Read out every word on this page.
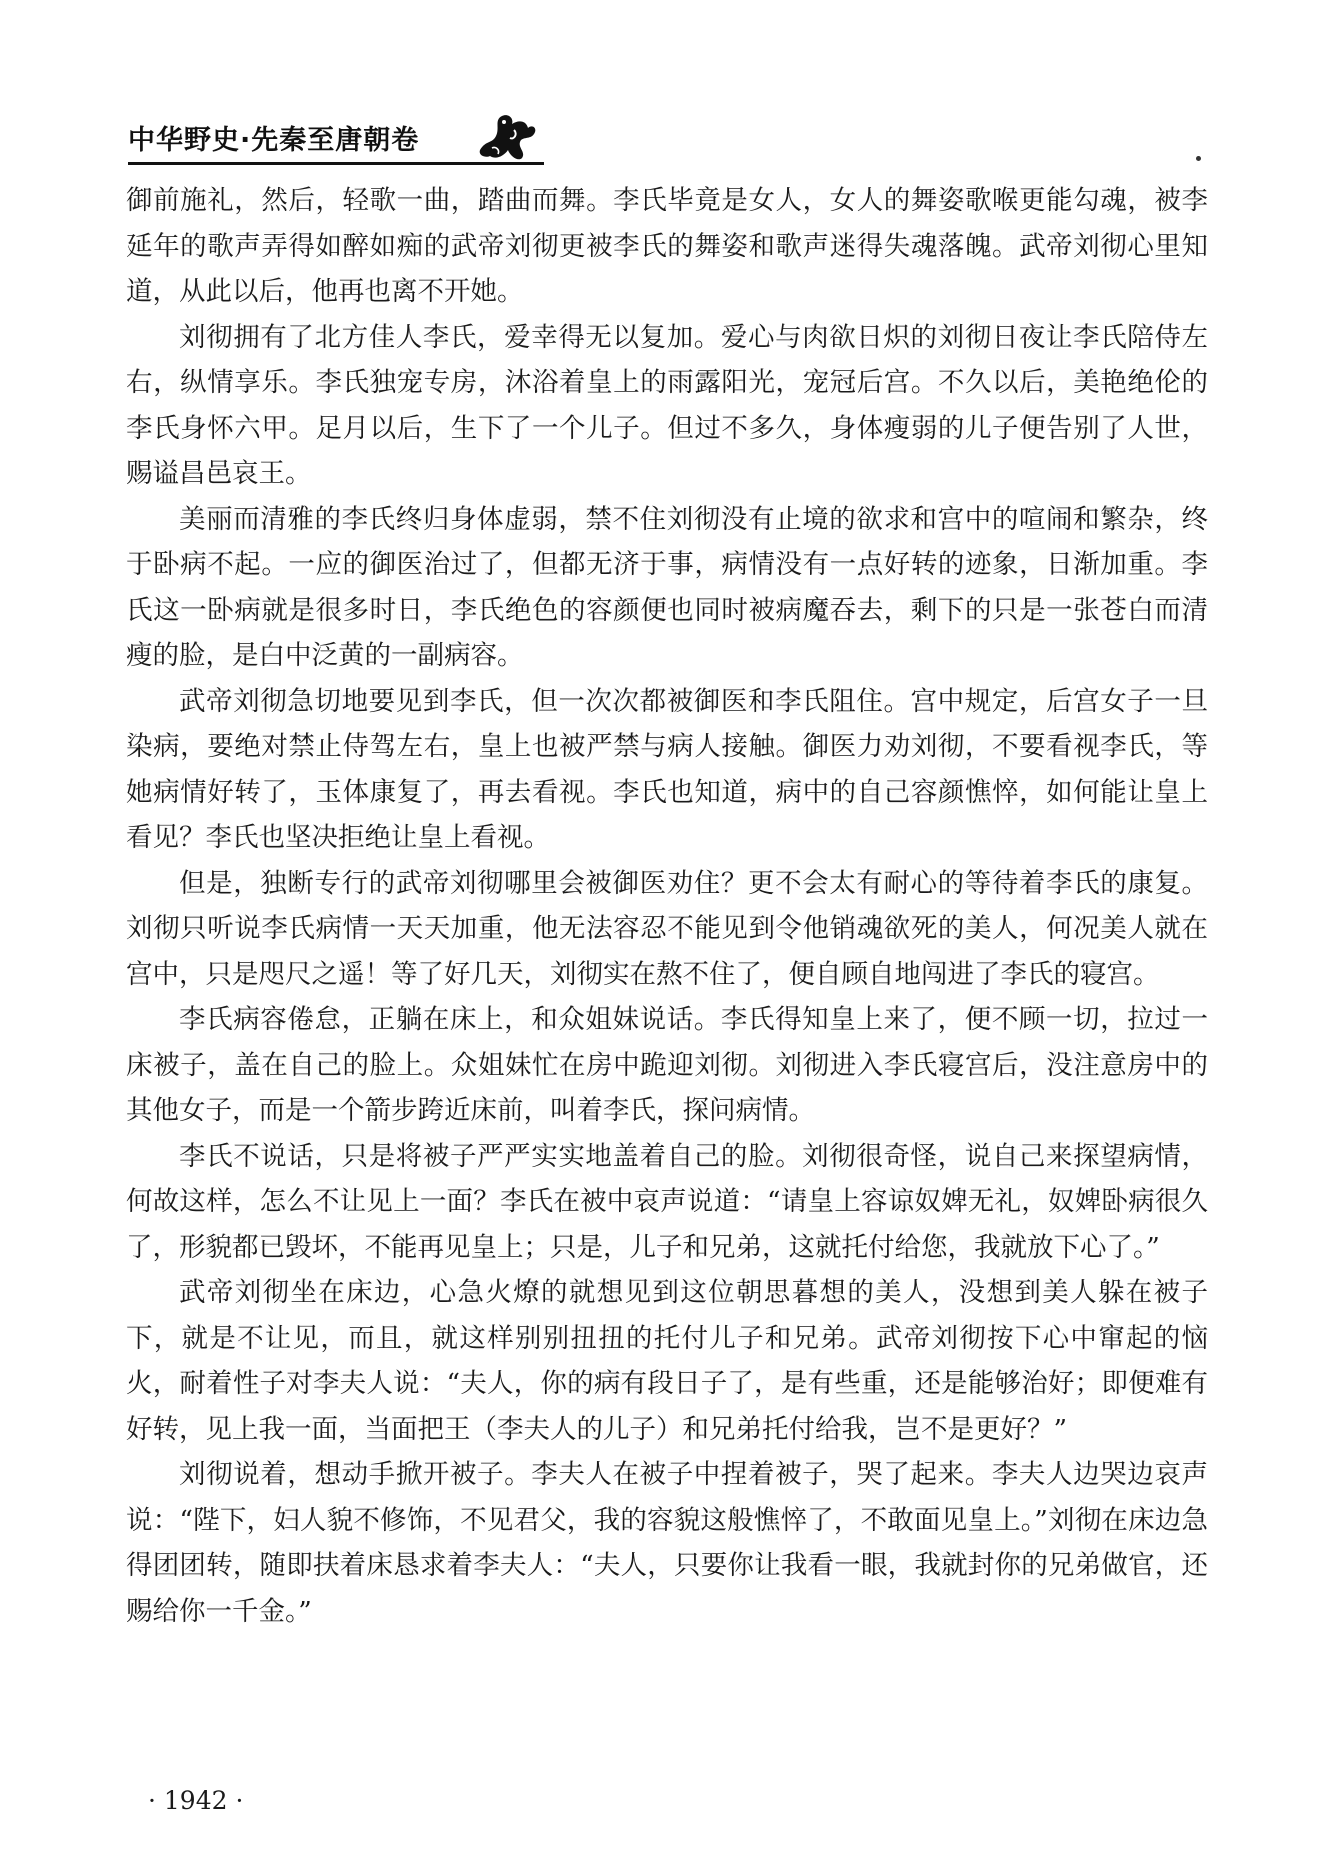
中华野史·先秦至唐朝卷

御前施礼，然后，轻歌一曲，踏曲而舞。李氏毕竟是女人，女人的舞姿歌喉更能勾魂，被李延年的歌声弄得如醉如痴的武帝刘彻更被李氏的舞姿和歌声迷得失魂落魄。武帝刘彻心里知道，从此以后，他再也离不开她。

刘彻拥有了北方佳人李氏，爱幸得无以复加。爱心与肉欲日炽的刘彻日夜让李氏陪侍左右，纵情享乐。李氏独宠专房，沐浴着皇上的雨露阳光，宠冠后宫。不久以后，美艳绝伦的李氏身怀六甲。足月以后，生下了一个儿子。但过不多久，身体瘦弱的儿子便告别了人世，赐谥昌邑哀王。

美丽而清雅的李氏终归身体虚弱，禁不住刘彻没有止境的欲求和宫中的喧闹和繁杂，终于卧病不起。一应的御医治过了，但都无济于事，病情没有一点好转的迹象，日渐加重。李氏这一卧病就是很多时日，李氏绝色的容颜便也同时被病魔吞去，剩下的只是一张苍白而清瘦的脸，是白中泛黄的一副病容。

武帝刘彻急切地要见到李氏，但一次次都被御医和李氏阻住。宫中规定，后宫女子一旦染病，要绝对禁止侍驾左右，皇上也被严禁与病人接触。御医力劝刘彻，不要看视李氏，等她病情好转了，玉体康复了，再去看视。李氏也知道，病中的自己容颜憔悴，如何能让皇上看见？李氏也坚决拒绝让皇上看视。

但是，独断专行的武帝刘彻哪里会被御医劝住？更不会太有耐心的等待着李氏的康复。刘彻只听说李氏病情一天天加重，他无法容忍不能见到令他销魂欲死的美人，何况美人就在宫中，只是咫尺之遥！等了好几天，刘彻实在熬不住了，便自顾自地闯进了李氏的寝宫。

李氏病容倦怠，正躺在床上，和众姐妹说话。李氏得知皇上来了，便不顾一切，拉过一床被子，盖在自己的脸上。众姐妹忙在房中跪迎刘彻。刘彻进入李氏寝宫后，没注意房中的其他女子，而是一个箭步跨近床前，叫着李氏，探问病情。

李氏不说话，只是将被子严严实实地盖着自己的脸。刘彻很奇怪，说自己来探望病情，何故这样，怎么不让见上一面？李氏在被中哀声说道：“请皇上容谅奴婢无礼，奴婢卧病很久了，形貌都已毁坏，不能再见皇上；只是，儿子和兄弟，这就托付给您，我就放下心了。”

武帝刘彻坐在床边，心急火燎的就想见到这位朝思暮想的美人，没想到美人躲在被子下，就是不让见，而且，就这样别别扭扭的托付儿子和兄弟。武帝刘彻按下心中窜起的恼火，耐着性子对李夫人说：“夫人，你的病有段日子了，是有些重，还是能够治好；即便难有好转，见上我一面，当面把王（李夫人的儿子）和兄弟托付给我，岂不是更好？”

刘彻说着，想动手掀开被子。李夫人在被子中捏着被子，哭了起来。李夫人边哭边哀声说：“陛下，妇人貌不修饰，不见君父，我的容貌这般憔悴了，不敢面见皇上。”刘彻在床边急得团团转，随即扶着床恳求着李夫人：“夫人，只要你让我看一眼，我就封你的兄弟做官，还赐给你一千金。”

· 1942 ·
